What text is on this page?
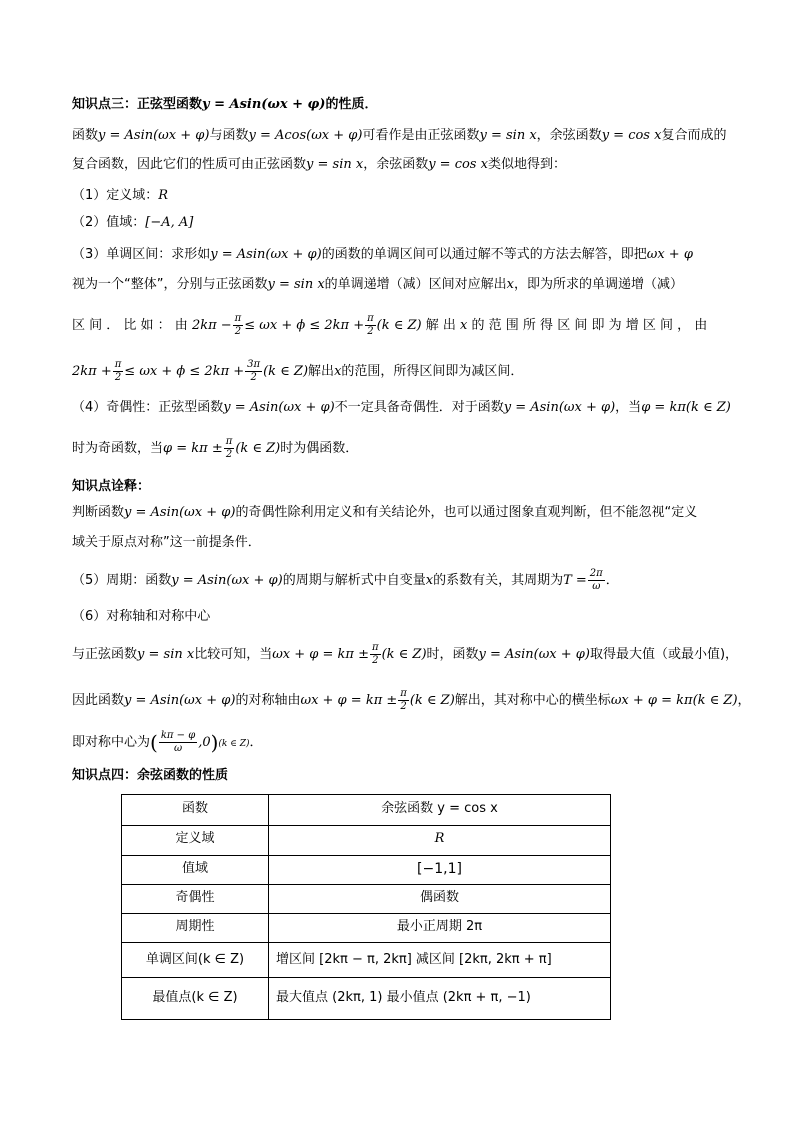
知识点三：正弦型函数y = Asin(ωx + φ)的性质．
函数y = Asin(ωx + φ)与函数y = Acos(ωx + φ)可看作是由正弦函数y = sin x，余弦函数y = cos x复合而成的
复合函数，因此它们的性质可由正弦函数y = sin x，余弦函数y = cos x类似地得到：
（1）定义域：R
（2）值域：[−A, A]
（3）单调区间：求形如y = Asin(ωx + φ)的函数的单调区间可以通过解不等式的方法去解答，即把ωx + φ
视为一个“整体”，分别与正弦函数y = sin x的单调递增（减）区间对应解出x，即为所求的单调递增（减）
区 间 ． 比 如 ： 由 $2k\pi - \frac{\pi}{2} \le \omega x + \phi \le 2k\pi + \frac{\pi}{2} (k$ ∈ Z) 解 出 x 的 范 围 所 得 区 间 即 为 增 区 间 ， 由
$2k\pi + \frac{\pi}{2} \le \omega x + \phi \le 2k\pi + \frac{3\pi}{2} (k$ ∈ Z)解出x的范围，所得区间即为减区间．
（4）奇偶性：正弦型函数y = Asin(ωx + φ)不一定具备奇偶性．对于函数y = Asin(ωx + φ)，当φ = kπ(k ∈ Z)
时为奇函数，当$\varphi = k\pi \pm \frac{\pi}{2} (k$ ∈ Z)时为偶函数．
知识点诠释：
判断函数y = Asin(ωx + φ)的奇偶性除利用定义和有关结论外，也可以通过图象直观判断，但不能忽视“定义
域关于原点对称”这一前提条件．
（5）周期：函数y = Asin(ωx + φ)的周期与解析式中自变量x的系数有关，其周期为$T = \frac{2\pi}{\omega}$ ．
（6）对称轴和对称中心
与正弦函数y = sin x比较可知，当$\omega x + \varphi = k\pi \pm \frac{\pi}{2} (k$ ∈ Z)时，函数y = Asin(ωx + φ)取得最大值（或最小值)，
因此函数y = Asin(ωx + φ)的对称轴由$\omega x + \varphi = k\pi \pm \frac{\pi}{2} (k$ ∈ Z)解出，其对称中心的横坐标ωx + φ = kπ(k ∈ Z)，
即对称中心为( $\frac{k\pi - \varphi}{\omega} ,0)(k$ ∈ Z)．
知识点四：余弦函数的性质
函数	余弦函数 y = cos x
定义域	R
值域	[−1,1]
奇偶性	偶函数
周期性	最小正周期 2π
单调区间(k ∈ Z)	增区间 [2kπ − π, 2kπ] 减区间 [2kπ, 2kπ + π]
最值点(k ∈ Z)	最大值点 (2kπ, 1) 最小值点 (2kπ + π, −1)
